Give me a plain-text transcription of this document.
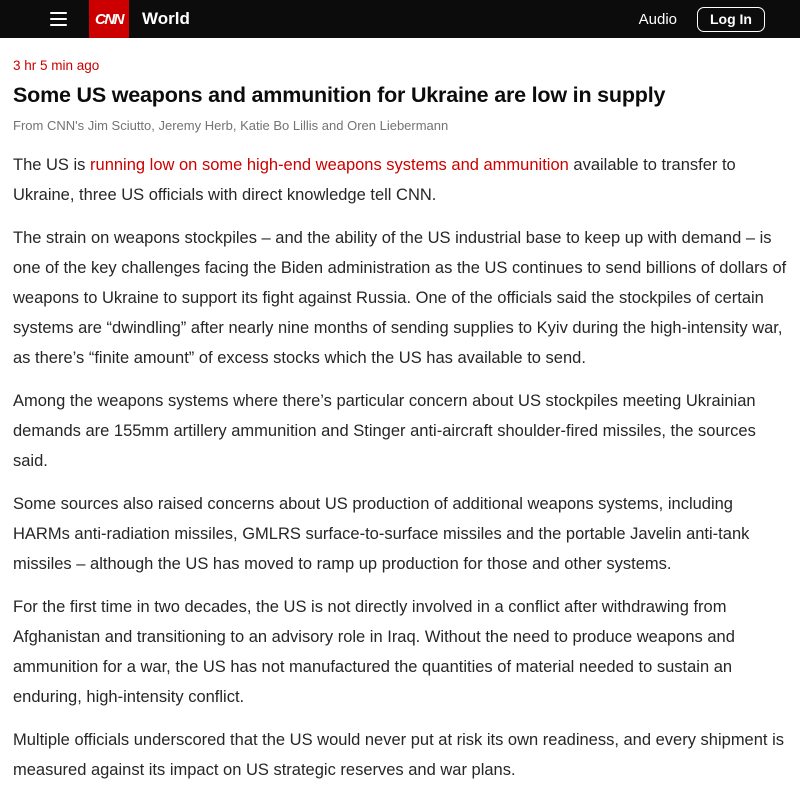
CNN	World	Audio	Log In
3 hr 5 min ago
Some US weapons and ammunition for Ukraine are low in supply
From CNN's Jim Sciutto, Jeremy Herb, Katie Bo Lillis and Oren Liebermann

The US is running low on some high-end weapons systems and ammunition available to transfer to Ukraine, three US officials with direct knowledge tell CNN.

The strain on weapons stockpiles – and the ability of the US industrial base to keep up with demand – is one of the key challenges facing the Biden administration as the US continues to send billions of dollars of weapons to Ukraine to support its fight against Russia. One of the officials said the stockpiles of certain systems are “dwindling” after nearly nine months of sending supplies to Kyiv during the high-intensity war, as there’s “finite amount” of excess stocks which the US has available to send.

Among the weapons systems where there’s particular concern about US stockpiles meeting Ukrainian demands are 155mm artillery ammunition and Stinger anti-aircraft shoulder-fired missiles, the sources said.

Some sources also raised concerns about US production of additional weapons systems, including HARMs anti-radiation missiles, GMLRS surface-to-surface missiles and the portable Javelin anti-tank missiles – although the US has moved to ramp up production for those and other systems.

For the first time in two decades, the US is not directly involved in a conflict after withdrawing from Afghanistan and transitioning to an advisory role in Iraq. Without the need to produce weapons and ammunition for a war, the US has not manufactured the quantities of material needed to sustain an enduring, high-intensity conflict.

Multiple officials underscored that the US would never put at risk its own readiness, and every shipment is measured against its impact on US strategic reserves and war plans.
